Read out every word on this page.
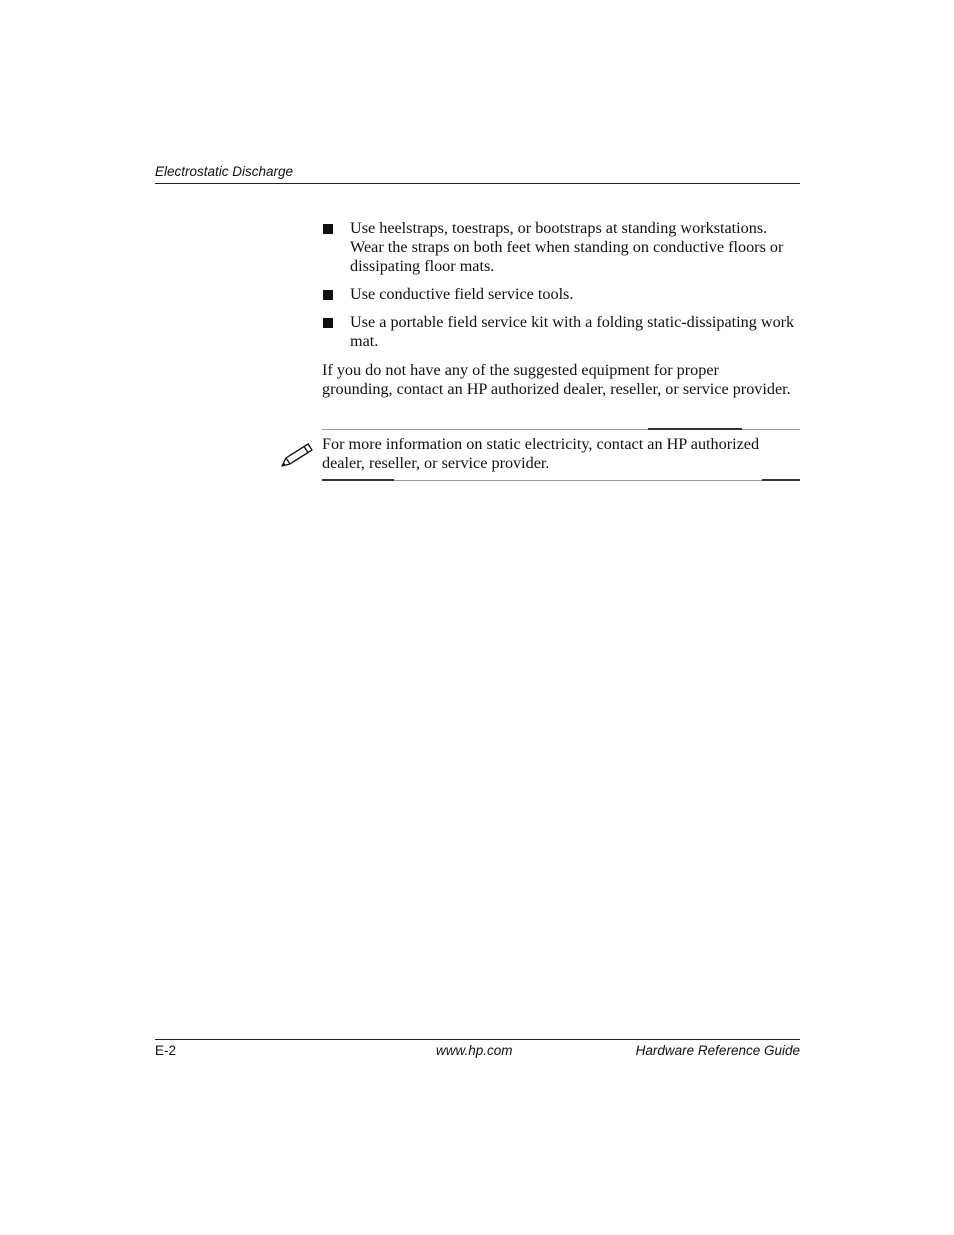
Electrostatic Discharge
Use heelstraps, toestraps, or bootstraps at standing workstations. Wear the straps on both feet when standing on conductive floors or dissipating floor mats.
Use conductive field service tools.
Use a portable field service kit with a folding static-dissipating work mat.

If you do not have any of the suggested equipment for proper grounding, contact an HP authorized dealer, reseller, or service provider.

For more information on static electricity, contact an HP authorized dealer, reseller, or service provider.

E-2	www.hp.com	Hardware Reference Guide
